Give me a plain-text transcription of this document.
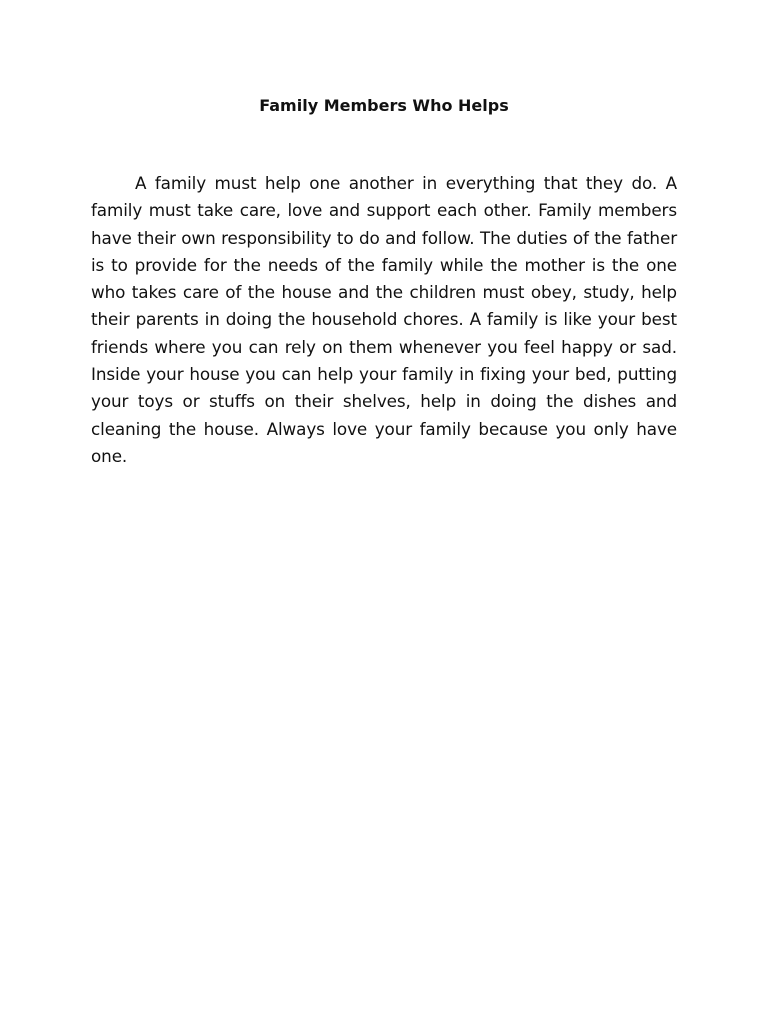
Family Members Who Helps

A family must help one another in everything that they do. A family must take care, love and support each other. Family members have their own responsibility to do and follow. The duties of the father is to provide for the needs of the family while the mother is the one who takes care of the house and the children must obey, study, help their parents in doing the household chores. A family is like your best friends where you can rely on them whenever you feel happy or sad. Inside your house you can help your family in fixing your bed, putting your toys or stuffs on their shelves, help in doing the dishes and cleaning the house. Always love your family because you only have one.
